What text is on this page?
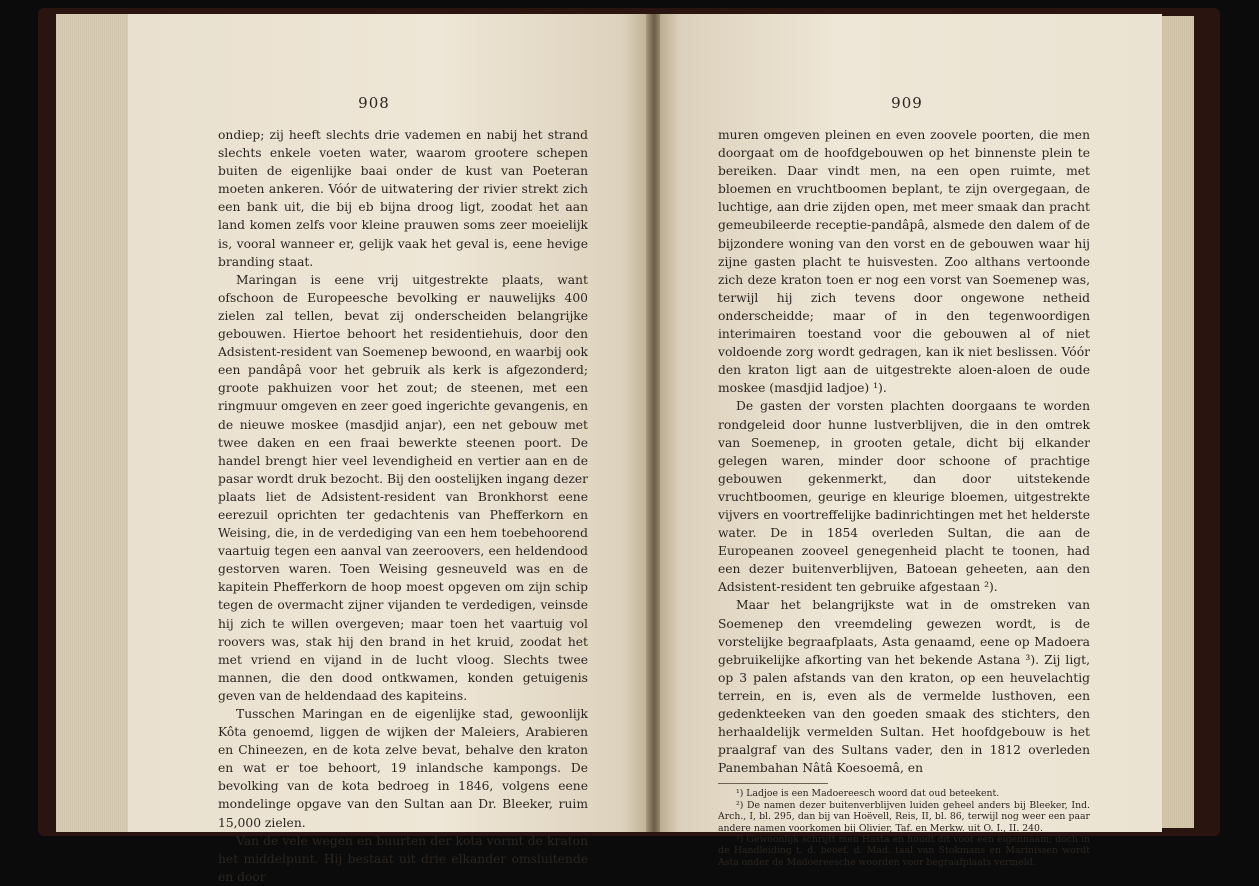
908

ondiep; zij heeft slechts drie vademen en nabij het strand slechts enkele voeten water, waarom grootere schepen buiten de eigenlijke baai onder de kust van Poeteran moeten ankeren. Vóór de uitwatering der rivier strekt zich een bank uit, die bij eb bijna droog ligt, zoodat het aan land komen zelfs voor kleine prauwen soms zeer moeielijk is, vooral wanneer er, gelijk vaak het geval is, eene hevige branding staat.

Maringan is eene vrij uitgestrekte plaats, want ofschoon de Europeesche bevolking er nauwelijks 400 zielen zal tellen, bevat zij onderscheiden belangrijke gebouwen. Hiertoe behoort het residentiehuis, door den Adsistent-resident van Soemenep bewoond, en waarbij ook een pandâpâ voor het gebruik als kerk is afgezonderd; groote pakhuizen voor het zout; de steenen, met een ringmuur omgeven en zeer goed ingerichte gevangenis, en de nieuwe moskee (masdjid anjar), een net gebouw met twee daken en een fraai bewerkte steenen poort. De handel brengt hier veel levendigheid en vertier aan en de pasar wordt druk bezocht. Bij den oostelijken ingang dezer plaats liet de Adsistent-resident van Bronkhorst eene eerezuil oprichten ter gedachtenis van Phefferkorn en Weising, die, in de verdediging van een hem toebehoorend vaartuig tegen een aanval van zeeroovers, een heldendood gestorven waren. Toen Weising gesneuveld was en de kapitein Phefferkorn de hoop moest opgeven om zijn schip tegen de overmacht zijner vijanden te verdedigen, veinsde hij zich te willen overgeven; maar toen het vaartuig vol roovers was, stak hij den brand in het kruid, zoodat het met vriend en vijand in de lucht vloog. Slechts twee mannen, die den dood ontkwamen, konden getuigenis geven van de heldendaad des kapiteins.

Tusschen Maringan en de eigenlijke stad, gewoonlijk Kôta genoemd, liggen de wijken der Maleiers, Arabieren en Chineezen, en de kota zelve bevat, behalve den kraton en wat er toe behoort, 19 inlandsche kampongs. De bevolking van de kota bedroeg in 1846, volgens eene mondelinge opgave van den Sultan aan Dr. Bleeker, ruim 15,000 zielen.

Van de vele wegen en buurten der kota vormt de kraton het middelpunt. Hij bestaat uit drie elkander omsluitende en door

909

muren omgeven pleinen en even zoovele poorten, die men doorgaat om de hoofdgebouwen op het binnenste plein te bereiken. Daar vindt men, na een open ruimte, met bloemen en vruchtboomen beplant, te zijn overgegaan, de luchtige, aan drie zijden open, met meer smaak dan pracht gemeubileerde receptie-pandâpâ, alsmede den dalem of de bijzondere woning van den vorst en de gebouwen waar hij zijne gasten placht te huisvesten. Zoo althans vertoonde zich deze kraton toen er nog een vorst van Soemenep was, terwijl hij zich tevens door ongewone netheid onderscheidde; maar of in den tegenwoordigen interimairen toestand voor die gebouwen al of niet voldoende zorg wordt gedragen, kan ik niet beslissen. Vóór den kraton ligt aan de uitgestrekte aloen-aloen de oude moskee (masdjid ladjoe) ¹).

De gasten der vorsten plachten doorgaans te worden rondgeleid door hunne lustverblijven, die in den omtrek van Soemenep, in grooten getale, dicht bij elkander gelegen waren, minder door schoone of prachtige gebouwen gekenmerkt, dan door uitstekende vruchtboomen, geurige en kleurige bloemen, uitgestrekte vijvers en voortreffelijke badinrichtingen met het helderste water. De in 1854 overleden Sultan, die aan de Europeanen zooveel genegenheid placht te toonen, had een dezer buitenverblijven, Batoean geheeten, aan den Adsistent-resident ten gebruike afgestaan ²).

Maar het belangrijkste wat in de omstreken van Soemenep den vreemdeling gewezen wordt, is de vorstelijke begraafplaats, Asta genaamd, eene op Madoera gebruikelijke afkorting van het bekende Astana ³). Zij ligt, op 3 palen afstands van den kraton, op een heuvelachtig terrein, en is, even als de vermelde lusthoven, een gedenkteeken van den goeden smaak des stichters, den herhaaldelijk vermelden Sultan. Het hoofdgebouw is het praalgraf van des Sultans vader, den in 1812 overleden Panembahan Nâtâ Koesoemâ, en

¹) Ladjoe is een Madoereesch woord dat oud beteekent.

²) De namen dezer buitenverblijven luiden geheel anders bij Bleeker, Ind. Arch., I, bl. 295, dan bij van Hoëvell, Reis, II, bl. 86, terwijl nog weer een paar andere namen voorkomen bij Olivier, Taf. en Merkw. uit O. I., II. 240.

³) Gewoonlijk schrijft men Hasta en houdt dit voor een eigennaam; doch in de Handleiding t. d. beoef. d. Mad. taal van Stokmans en Marinissen wordt Asta onder de Madoereesche woorden voor begraafplaats vermeld.
